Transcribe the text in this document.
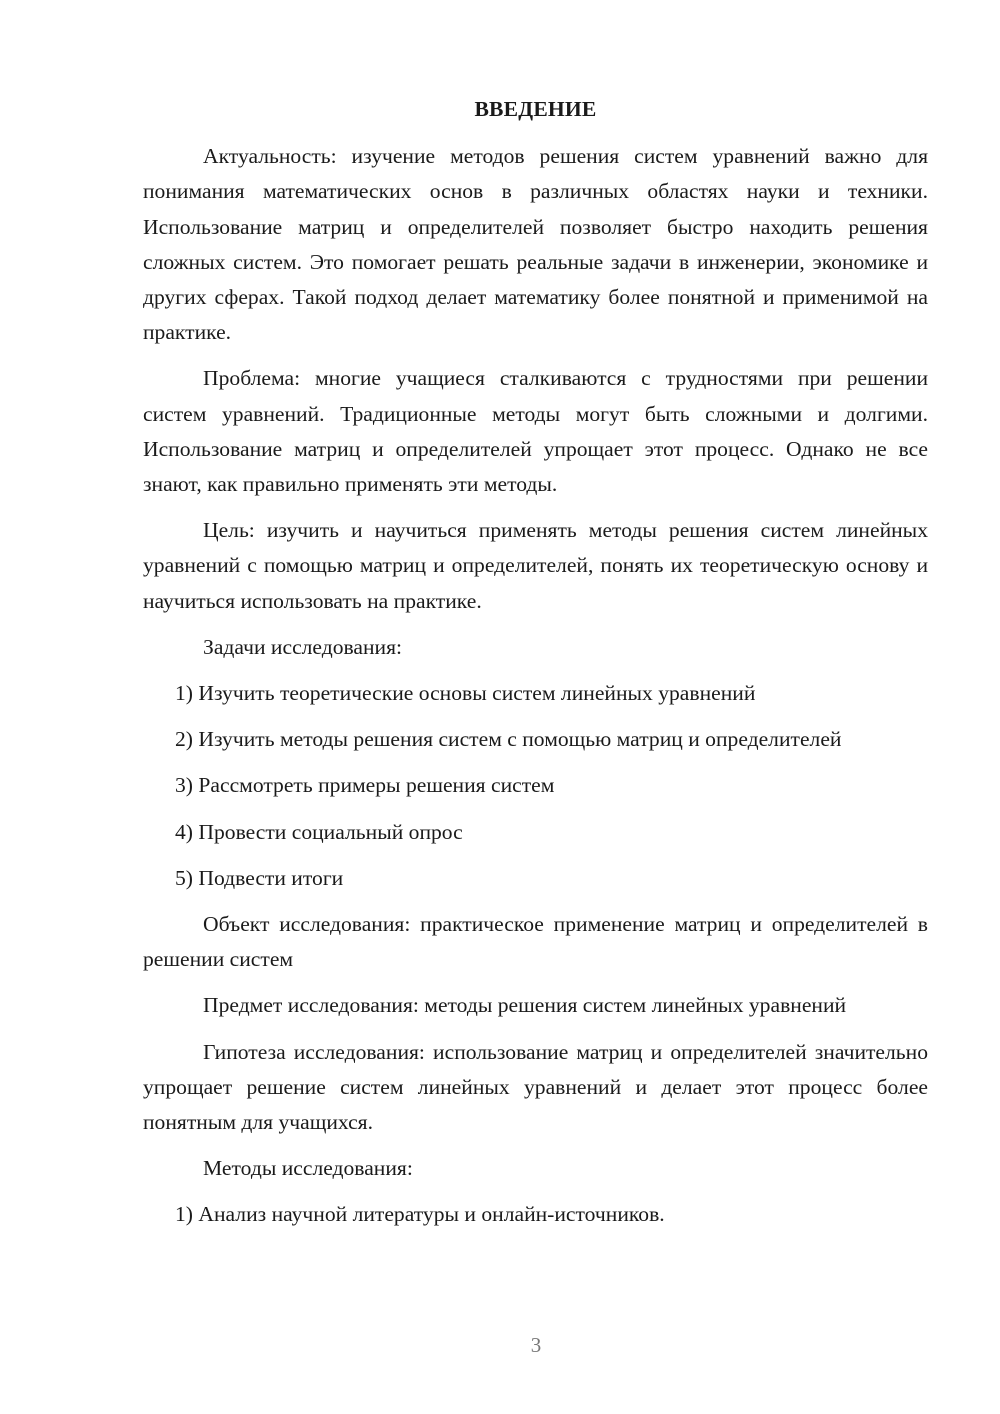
ВВЕДЕНИЕ

Актуальность: изучение методов решения систем уравнений важно для понимания математических основ в различных областях науки и техники. Использование матриц и определителей позволяет быстро находить решения сложных систем. Это помогает решать реальные задачи в инженерии, экономике и других сферах. Такой подход делает математику более понятной и применимой на практике.

Проблема: многие учащиеся сталкиваются с трудностями при решении систем уравнений. Традиционные методы могут быть сложными и долгими. Использование матриц и определителей упрощает этот процесс. Однако не все знают, как правильно применять эти методы.

Цель: изучить и научиться применять методы решения систем линейных уравнений с помощью матриц и определителей, понять их теоретическую основу и научиться использовать на практике.

Задачи исследования:

1) Изучить теоретические основы систем линейных уравнений

2) Изучить методы решения систем с помощью матриц и определителей

3) Рассмотреть примеры решения систем

4) Провести социальный опрос

5) Подвести итоги

Объект исследования: практическое применение матриц и определителей в решении систем

Предмет исследования: методы решения систем линейных уравнений

Гипотеза исследования: использование матриц и определителей значительно упрощает решение систем линейных уравнений и делает этот процесс более понятным для учащихся.

Методы исследования:

1) Анализ научной литературы и онлайн-источников.

3
